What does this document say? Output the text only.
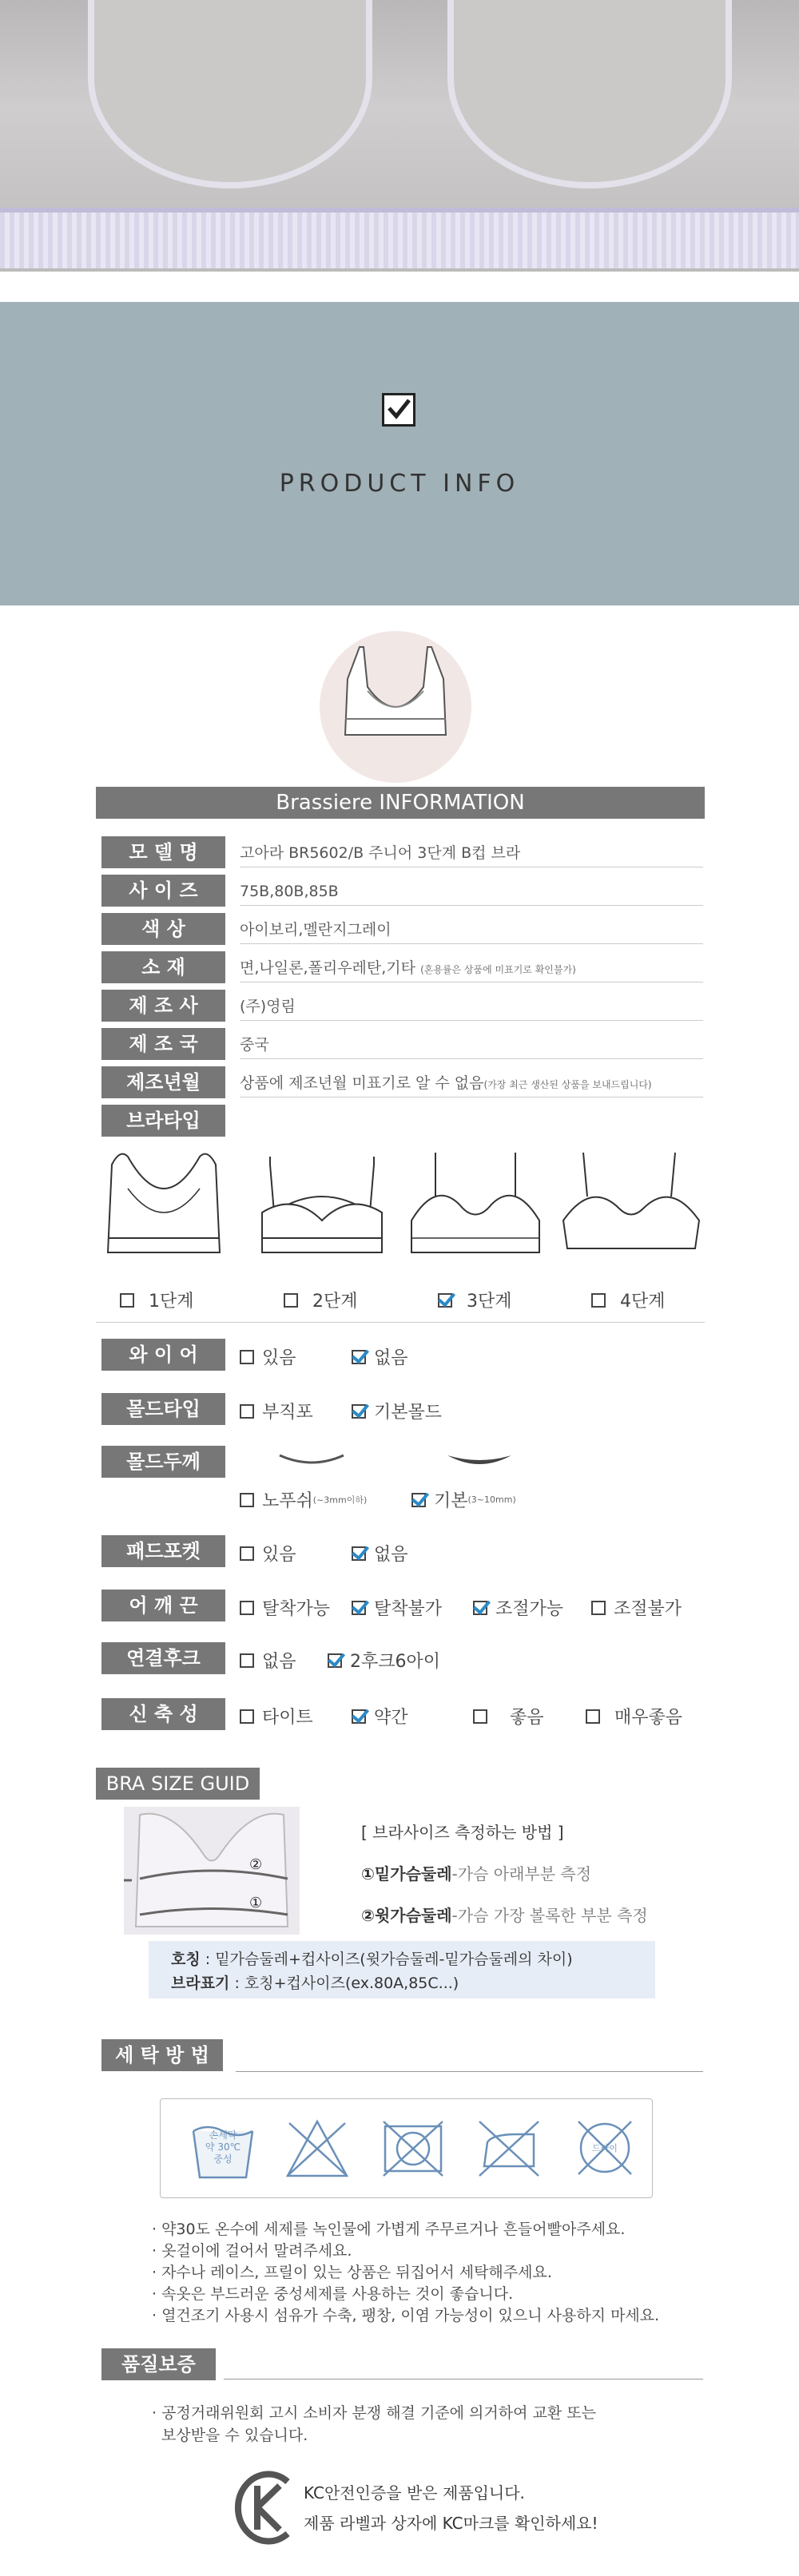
PRODUCT INFO
Brassiere INFORMATION
모 델 명	고아라 BR5602/B 주니어 3단계 B컵 브라
사 이 즈	75B,80B,85B
색 상	아이보리,멜란지그레이
소 재	면,나일론,폴리우레탄,기타 (혼용률은 상품에 미표기로 확인불가)
제 조 사	(주)영림
제 조 국	중국
제조년월	상품에 제조년월 미표기로 알 수 없음(가장 최근 생산된 상품을 보내드립니다)
브라타입
1단계	2단계	3단계	4단계
와 이 어	있음	없음
몰드타입	부직포	기본몰드
몰드두께
노푸쉬(~3mm이하)	기본(3~10mm)
패드포켓	있음	없음
어 깨 끈	탈착가능	탈착불가	조절가능	조절불가
연결후크	없음	2후크6아이
신 축 성	타이트	약간	좋음	매우좋음
BRA SIZE GUID
②
①
[ 브라사이즈 측정하는 방법 ]
①밑가슴둘레-가슴 아래부분 측정
②윗가슴둘레-가슴 가장 볼록한 부분 측정
호칭 : 밑가슴둘레+컵사이즈(윗가슴둘레-밑가슴둘레의 차이)
브라표기 : 호칭+컵사이즈(ex.80A,85C...)
세 탁 방 법
손세탁
약 30℃
중성
드라이
· 약30도 온수에 세제를 녹인물에 가볍게 주무르거나 흔들어빨아주세요.
· 옷걸이에 걸어서 말려주세요.
· 자수나 레이스, 프릴이 있는 상품은 뒤집어서 세탁해주세요.
· 속옷은 부드러운 중성세제를 사용하는 것이 좋습니다.
· 열건조기 사용시 섬유가 수축, 팽창, 이염 가능성이 있으니 사용하지 마세요.
품질보증
· 공정거래위원회 고시 소비자 분쟁 해결 기준에 의거하여 교환 또는
보상받을 수 있습니다.
KC안전인증을 받은 제품입니다.
제품 라벨과 상자에 KC마크를 확인하세요!
